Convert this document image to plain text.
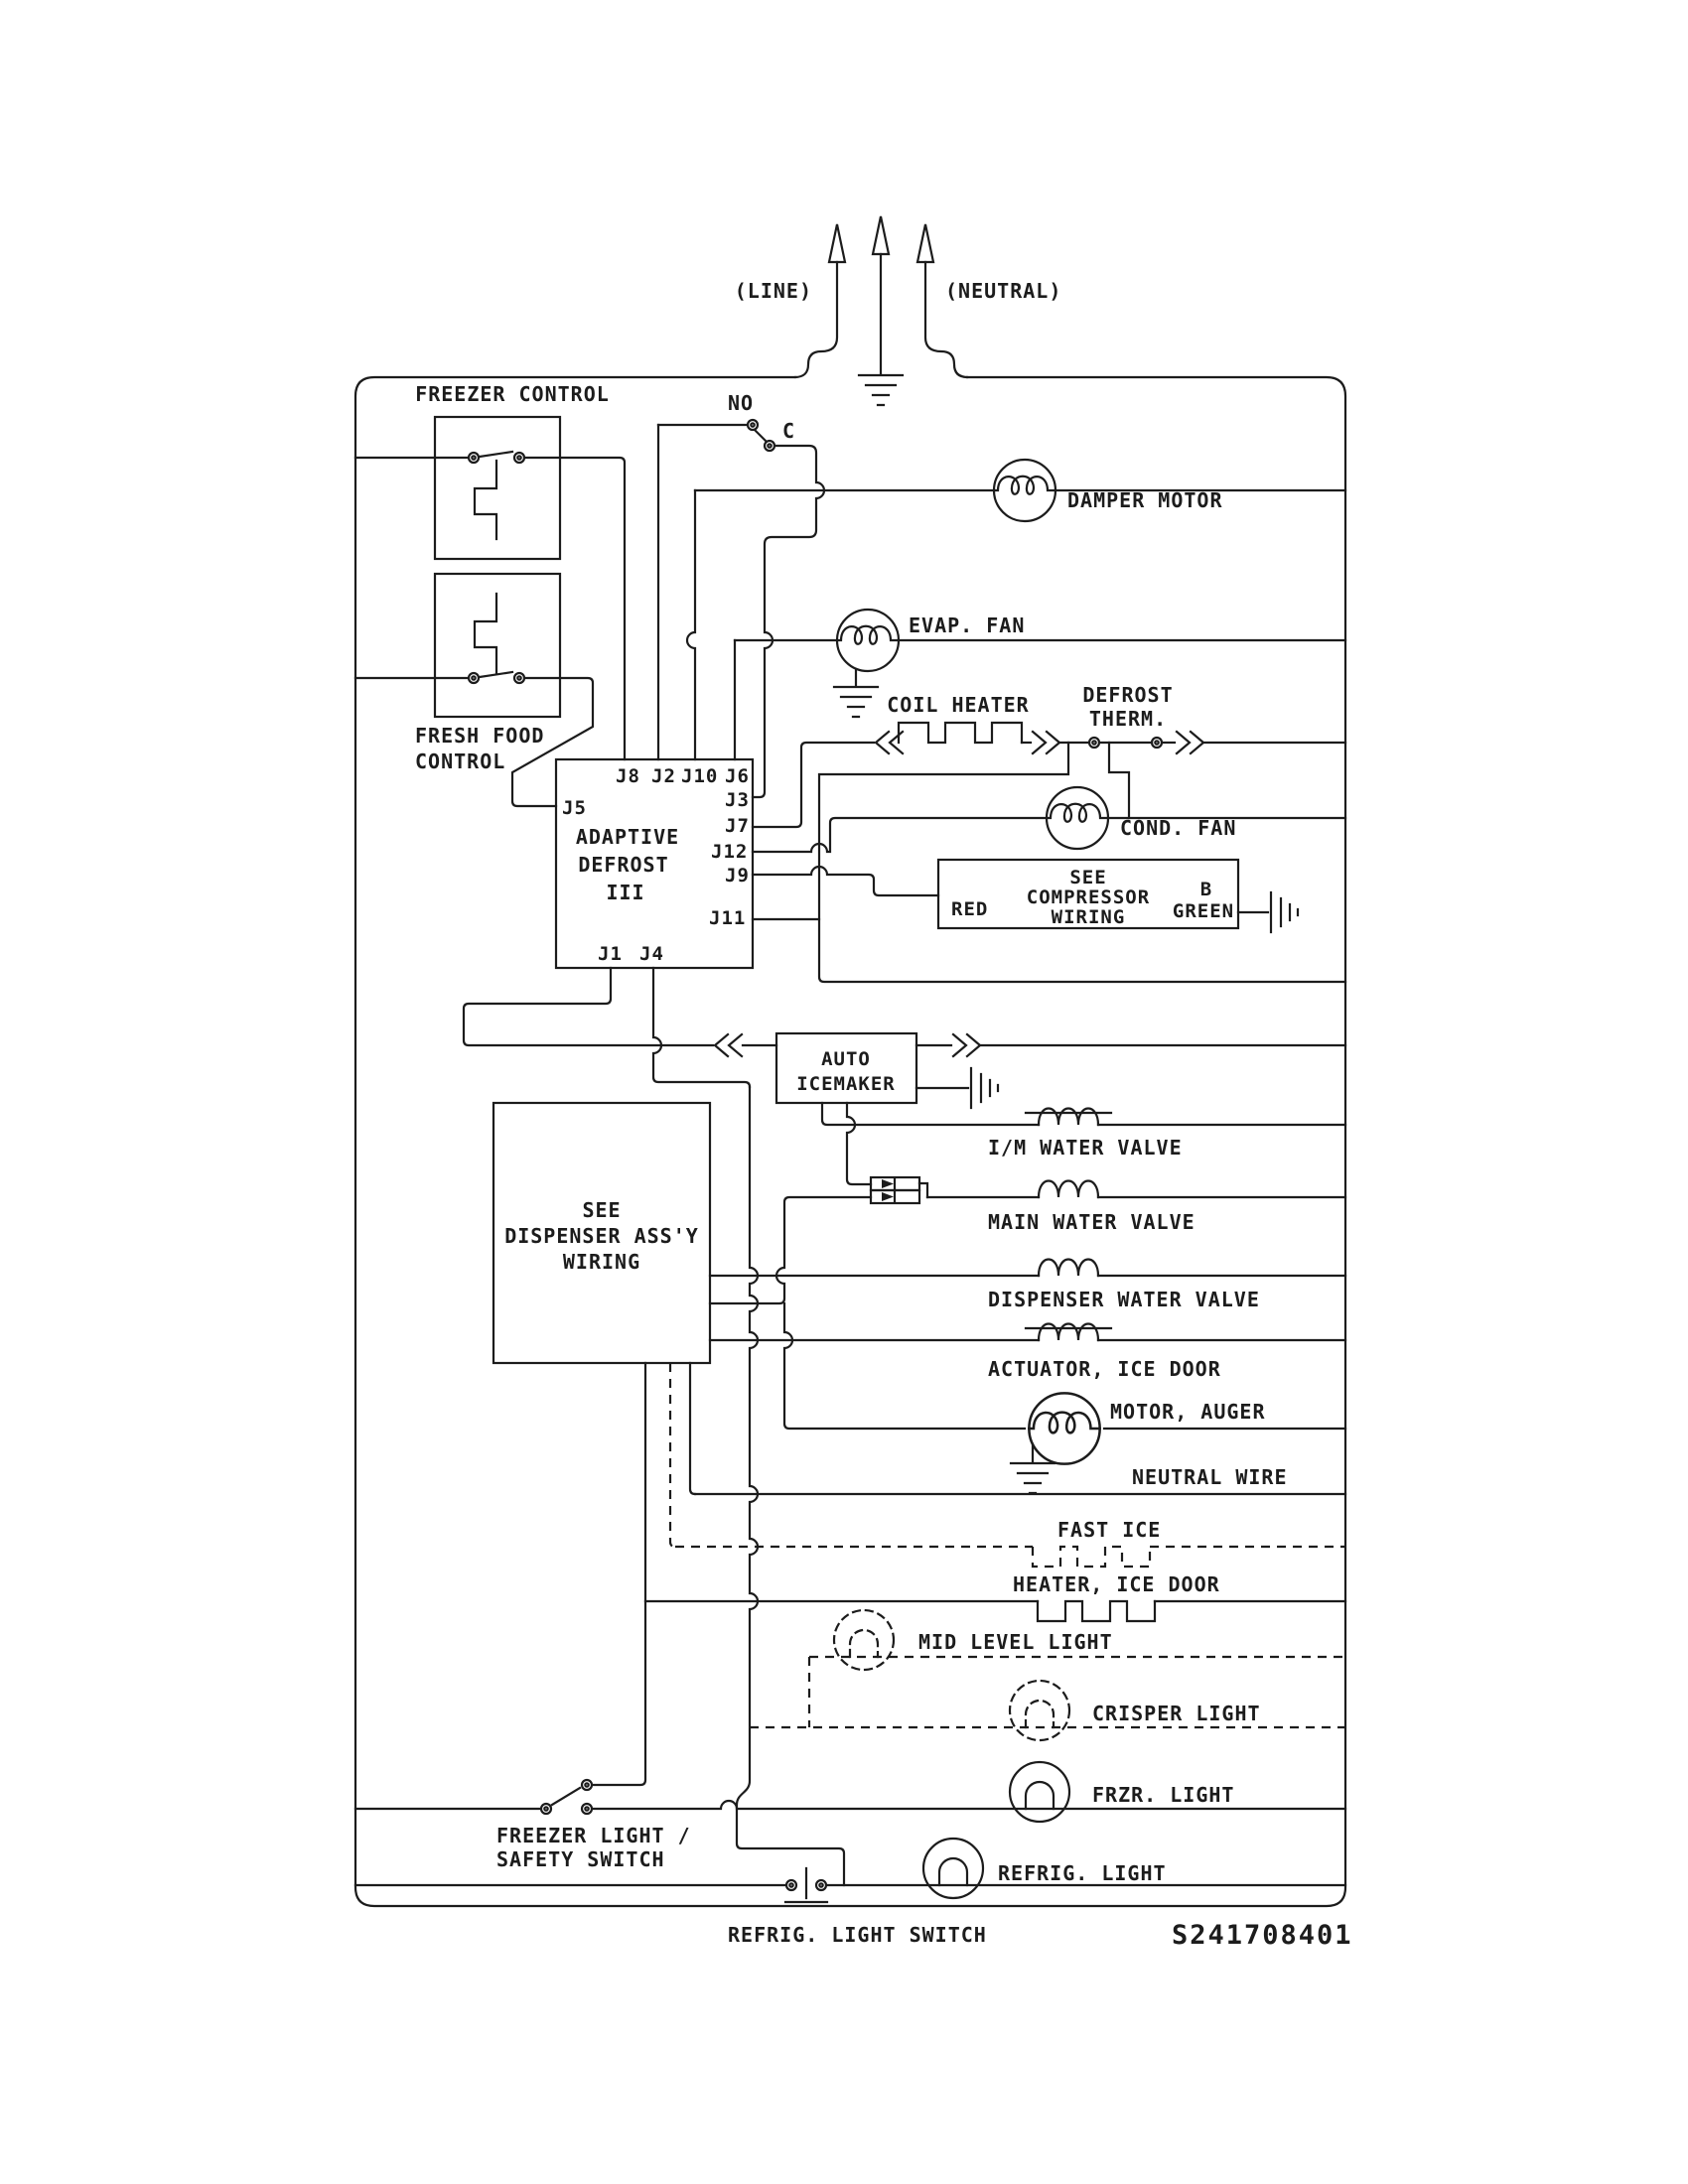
(LINE)	(NEUTRAL)
FREEZER CONTROL
FRESH FOOD
CONTROL
NO
C
J8 J2 J10 J6
J3
J5
J7
J12
J9
J11
J1 J4
ADAPTIVE
DEFROST
III
DAMPER MOTOR
EVAP. FAN
COIL HEATER	DEFROST
THERM.
COND. FAN
SEE
COMPRESSOR
WIRING
RED
B
GREEN
AUTO
ICEMAKER
SEE
DISPENSER ASS'Y
WIRING
I/M WATER VALVE
MAIN WATER VALVE
DISPENSER WATER VALVE
ACTUATOR, ICE DOOR
MOTOR, AUGER
NEUTRAL WIRE
FAST ICE
HEATER, ICE DOOR
MID LEVEL LIGHT
CRISPER LIGHT
FREEZER LIGHT /
SAFETY SWITCH
FRZR. LIGHT
REFRIG. LIGHT
REFRIG. LIGHT SWITCH	S241708401
